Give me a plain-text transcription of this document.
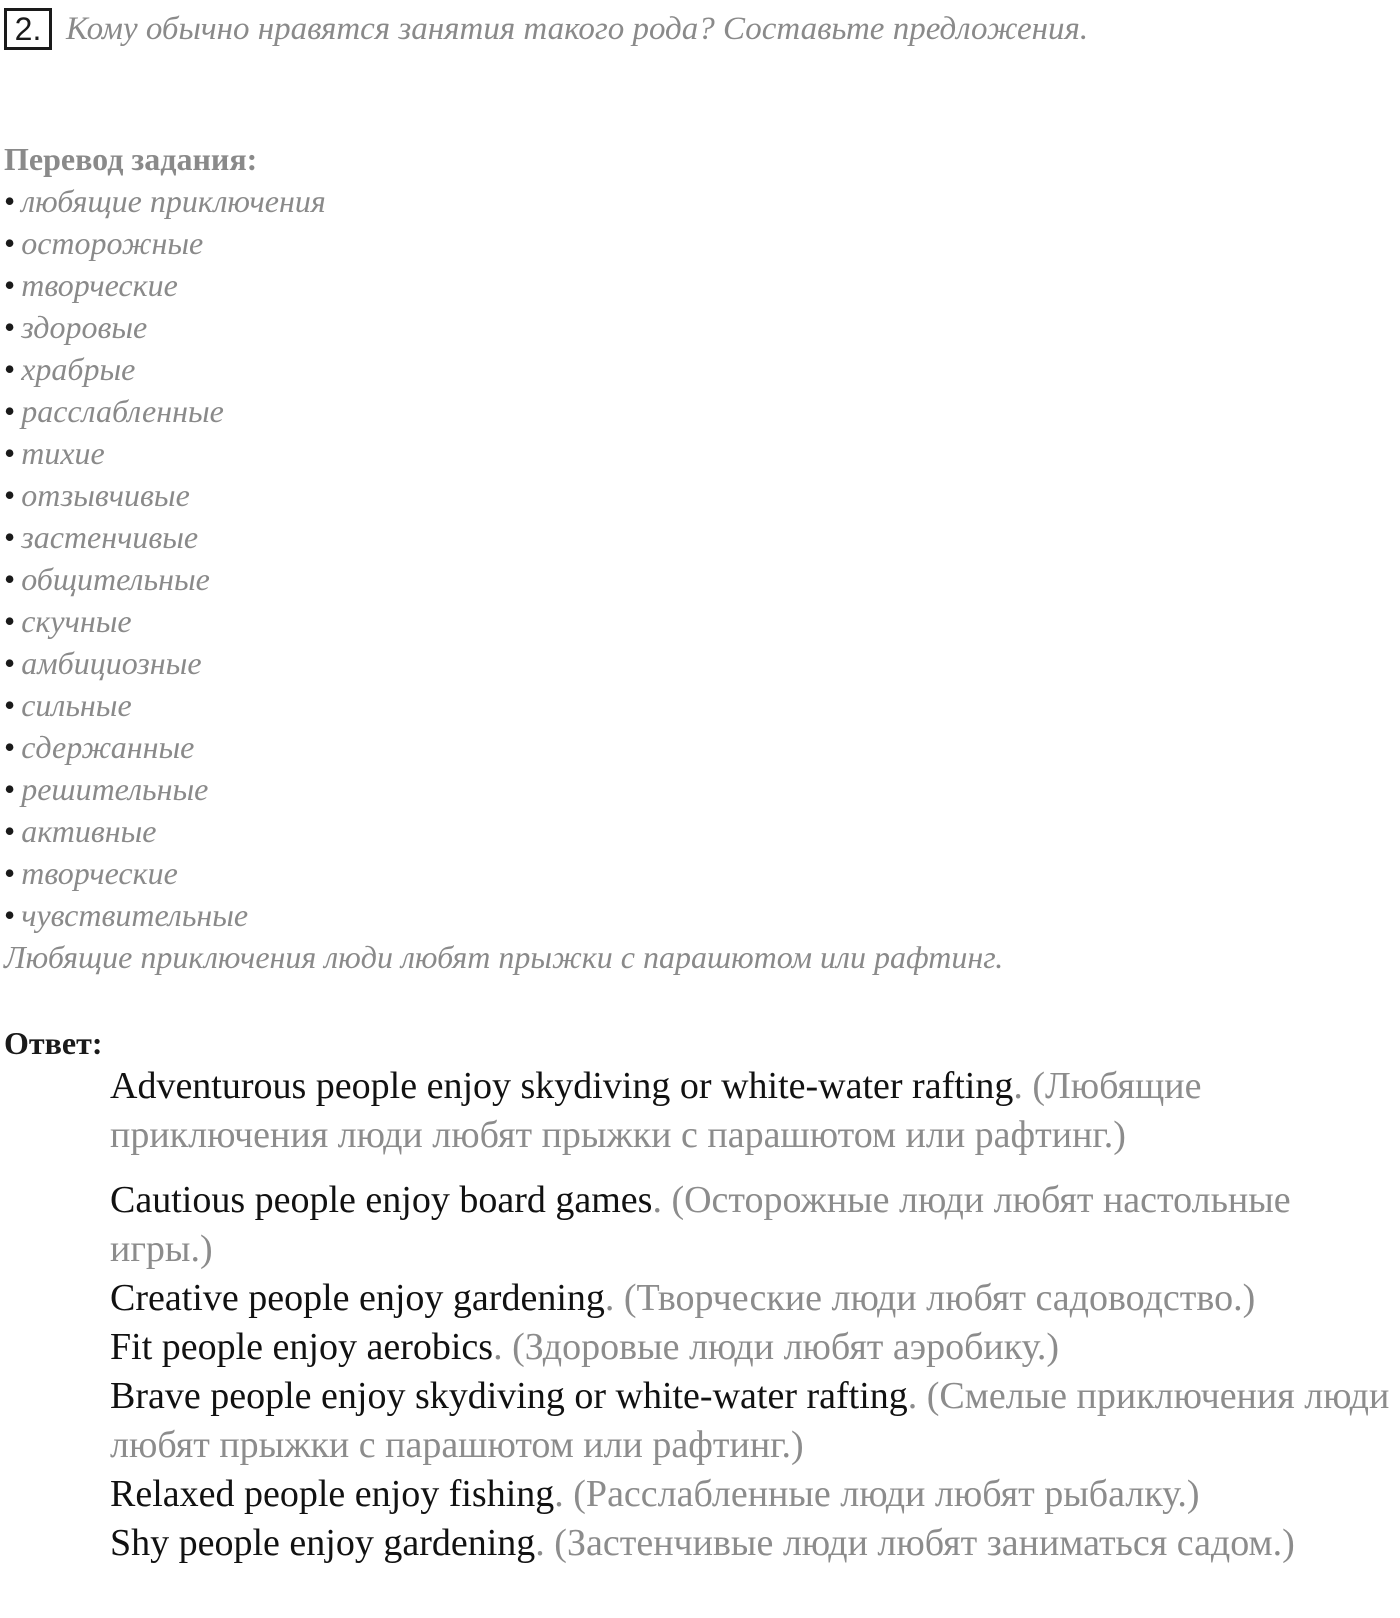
2. Кому обычно нравятся занятия такого рода? Составьте предложения.
Перевод задания:
• любящие приключения
• осторожные
• творческие
• здоровые
• храбрые
• расслабленные
• тихие
• отзывчивые
• застенчивые
• общительные
• скучные
• амбициозные
• сильные
• сдержанные
• решительные
• активные
• творческие
• чувствительные
Любящие приключения люди любят прыжки с парашютом или рафтинг.
Ответ:

Adventurous people enjoy skydiving or white-water rafting. (Любящие приключения люди любят прыжки с парашютом или рафтинг.)

Cautious people enjoy board games. (Осторожные люди любят настольные игры.)

Creative people enjoy gardening. (Творческие люди любят садоводство.)

Fit people enjoy aerobics. (Здоровые люди любят аэробику.)

Brave people enjoy skydiving or white-water rafting. (Смелые приключения люди любят прыжки с парашютом или рафтинг.)

Relaxed people enjoy fishing. (Расслабленные люди любят рыбалку.)

Shy people enjoy gardening. (Застенчивые люди любят заниматься садом.)
